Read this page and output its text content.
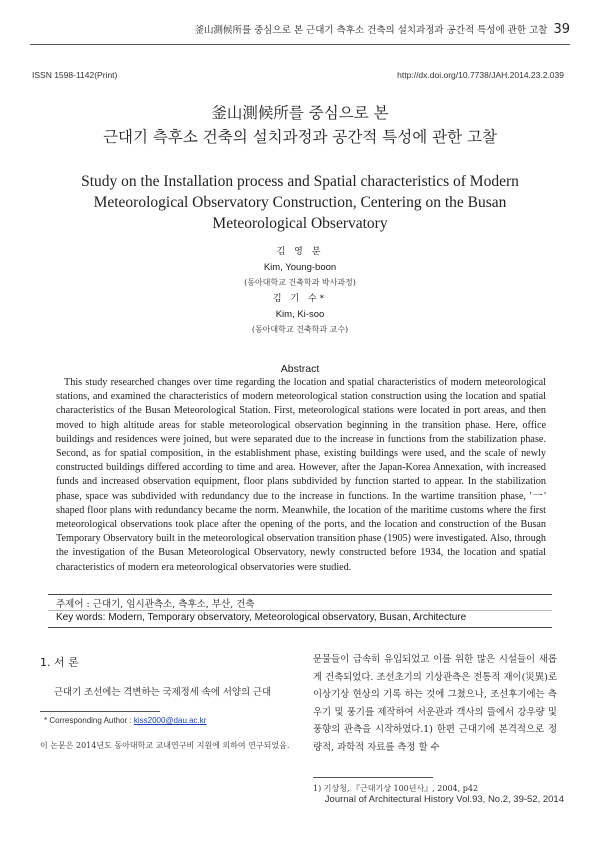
釜山測候所를 중심으로 본 근대기 측후소 건축의 설치과정과 공간적 특성에 관한 고찰 39
ISSN 1598-1142(Print)	http://dx.doi.org/10.7738/JAH.2014.23.2.039
釜山測候所를 중심으로 본
근대기 측후소 건축의 설치과정과 공간적 특성에 관한 고찰
Study on the Installation process and Spatial characteristics of Modern
Meteorological Observatory Construction, Centering on the Busan
Meteorological Observatory
김 영 분
Kim, Young-boon
(동아대학교 건축학과 박사과정)
김 기 수*
Kim, Ki-soo
(동아대학교 건축학과 교수)
Abstract
This study researched changes over time regarding the location and spatial characteristics of modern meteorological stations, and examined the characteristics of modern meteorological station construction using the location and spatial characteristics of the Busan Meteorological Station. First, meteorological stations were located in port areas, and then moved to high altitude areas for stable meteorological observation beginning in the transition phase. Here, office buildings and residences were joined, but were separated due to the increase in functions from the stabilization phase. Second, as for spatial composition, in the establishment phase, existing buildings were used, and the scale of newly constructed buildings differed according to time and area. However, after the Japan-Korea Annexation, with increased funds and increased observation equipment, floor plans subdivided by function started to appear. In the stabilization phase, space was subdivided with redundancy due to the increase in functions. In the wartime transition phase, '一' shaped floor plans with redundancy became the norm. Meanwhile, the location of the maritime customs where the first meteorological observations took place after the opening of the ports, and the location and construction of the Busan Temporary Observatory built in the meteorological observation transition phase (1905) were investigated. Also, through the investigation of the Busan Meteorological Observatory, newly constructed before 1934, the location and spatial characteristics of modern era meteorological observatories were studied.
주제어 : 근대기, 임시관측소, 측후소, 부산, 건축
Key words: Modern, Temporary observatory, Meteorological observatory, Busan, Architecture
1. 서 론
근대기 조선에는 격변하는 국제정세 속에 서양의 근대
* Corresponding Author : kiss2000@dau.ac.kr
이 논문은 2014년도 동아대학교 교내연구비 지원에 의하여 연구되었음.
문물들이 급속히 유입되었고 이를 위한 많은 시설들이 새롭게 건축되었다. 조선초기의 기상관측은 전통적 재이(災異)로 이상기상 현상의 기록 하는 것에 그쳤으나, 조선후기에는 측우기 및 풍기를 제작하여 서운관과 객사의 뜰에서 강우량 및 풍향의 관측을 시작하였다.1) 한편 근대기에 본격적으로 정량적, 과학적 자료를 측정 할 수
1) 기상청, 『근대기상 100년사』, 2004, p42
Journal of Architectural History Vol.93, No.2, 39-52, 2014
